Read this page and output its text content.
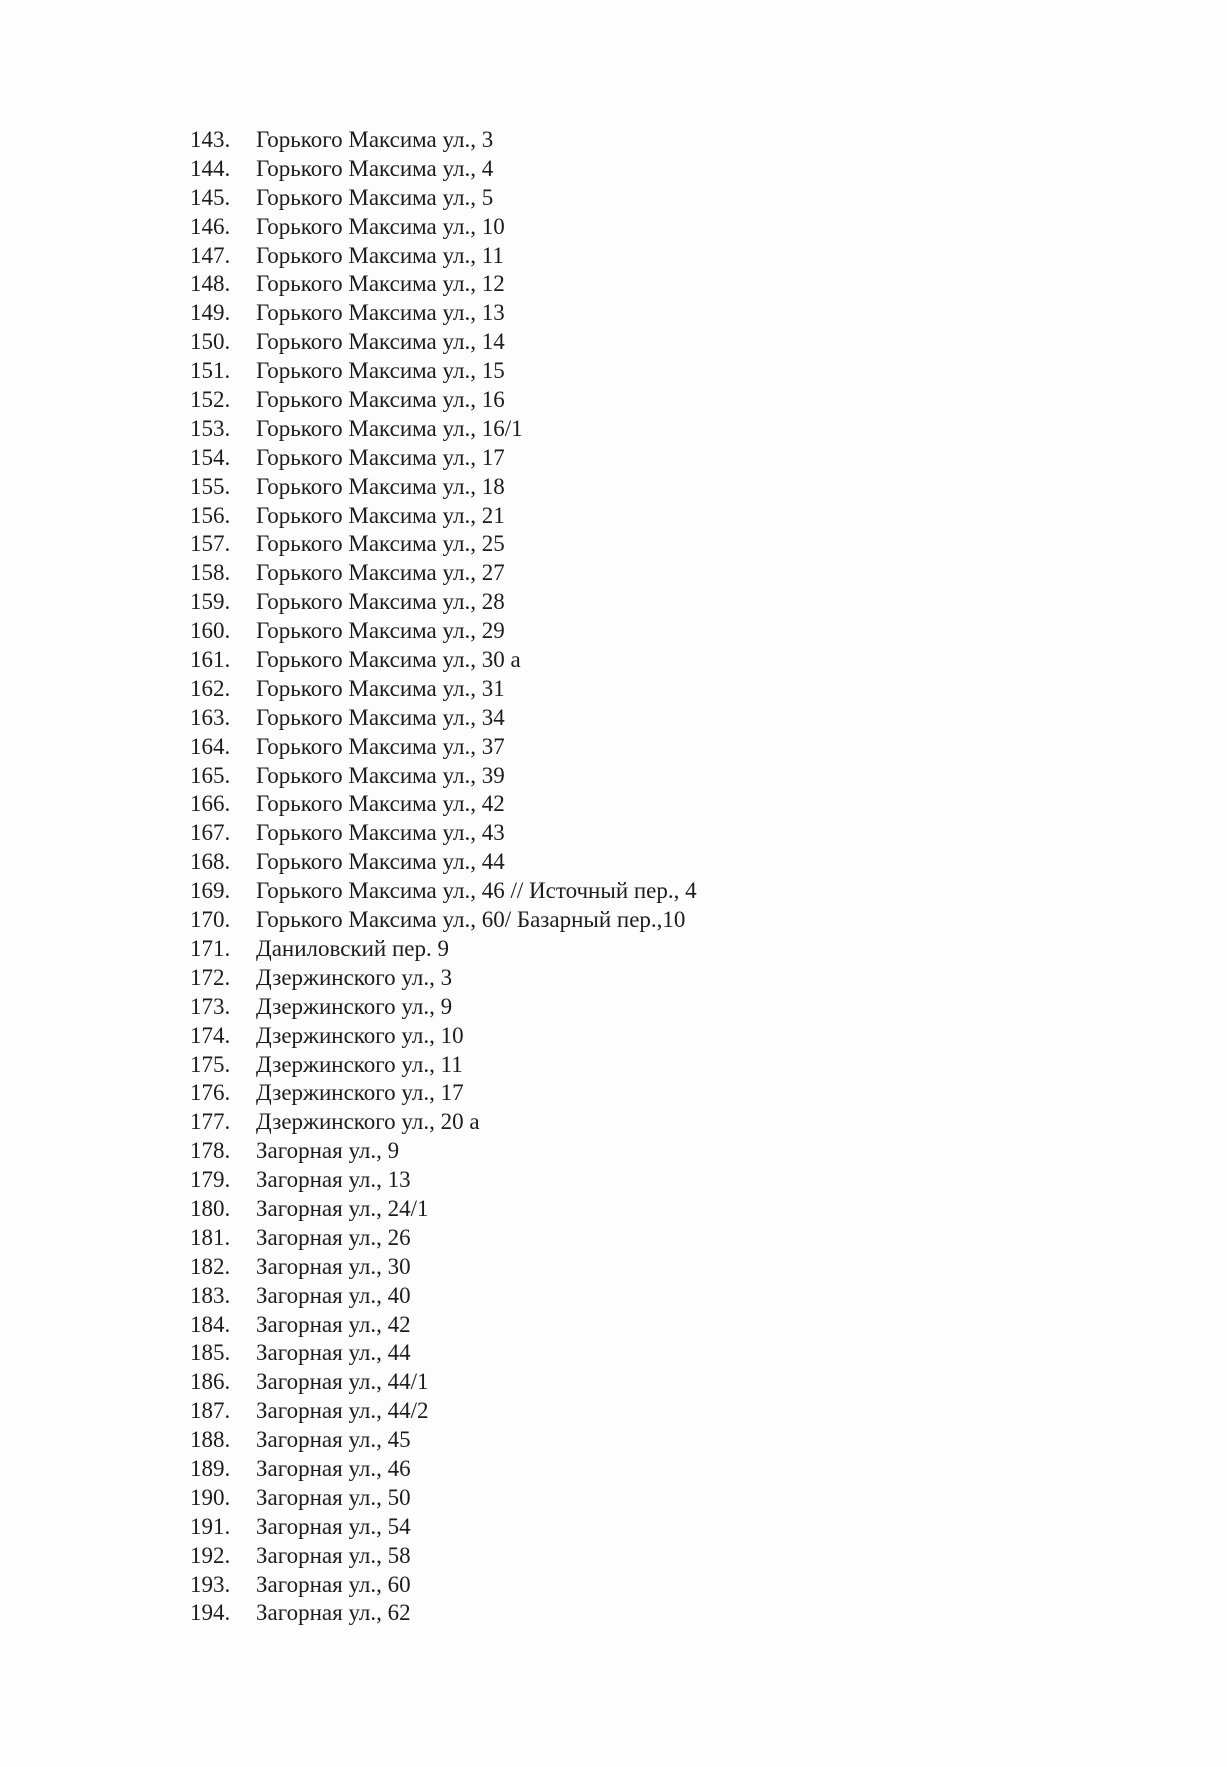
143.	Горького Максима ул., 3
144.	Горького Максима ул., 4
145.	Горького Максима ул., 5
146.	Горького Максима ул., 10
147.	Горького Максима ул., 11
148.	Горького Максима ул., 12
149.	Горького Максима ул., 13
150.	Горького Максима ул., 14
151.	Горького Максима ул., 15
152.	Горького Максима ул., 16
153.	Горького Максима ул., 16/1
154.	Горького Максима ул., 17
155.	Горького Максима ул., 18
156.	Горького Максима ул., 21
157.	Горького Максима ул., 25
158.	Горького Максима ул., 27
159.	Горького Максима ул., 28
160.	Горького Максима ул., 29
161.	Горького Максима ул., 30 а
162.	Горького Максима ул., 31
163.	Горького Максима ул., 34
164.	Горького Максима ул., 37
165.	Горького Максима ул., 39
166.	Горького Максима ул., 42
167.	Горького Максима ул., 43
168.	Горького Максима ул., 44
169.	Горького Максима ул., 46 // Источный пер., 4
170.	Горького Максима ул., 60/ Базарный пер.,10
171.	Даниловский пер. 9
172.	Дзержинского ул., 3
173.	Дзержинского ул., 9
174.	Дзержинского ул., 10
175.	Дзержинского ул., 11
176.	Дзержинского ул., 17
177.	Дзержинского ул., 20 а
178.	Загорная ул., 9
179.	Загорная ул., 13
180.	Загорная ул., 24/1
181.	Загорная ул., 26
182.	Загорная ул., 30
183.	Загорная ул., 40
184.	Загорная ул., 42
185.	Загорная ул., 44
186.	Загорная ул., 44/1
187.	Загорная ул., 44/2
188.	Загорная ул., 45
189.	Загорная ул., 46
190.	Загорная ул., 50
191.	Загорная ул., 54
192.	Загорная ул., 58
193.	Загорная ул., 60
194.	Загорная ул., 62
